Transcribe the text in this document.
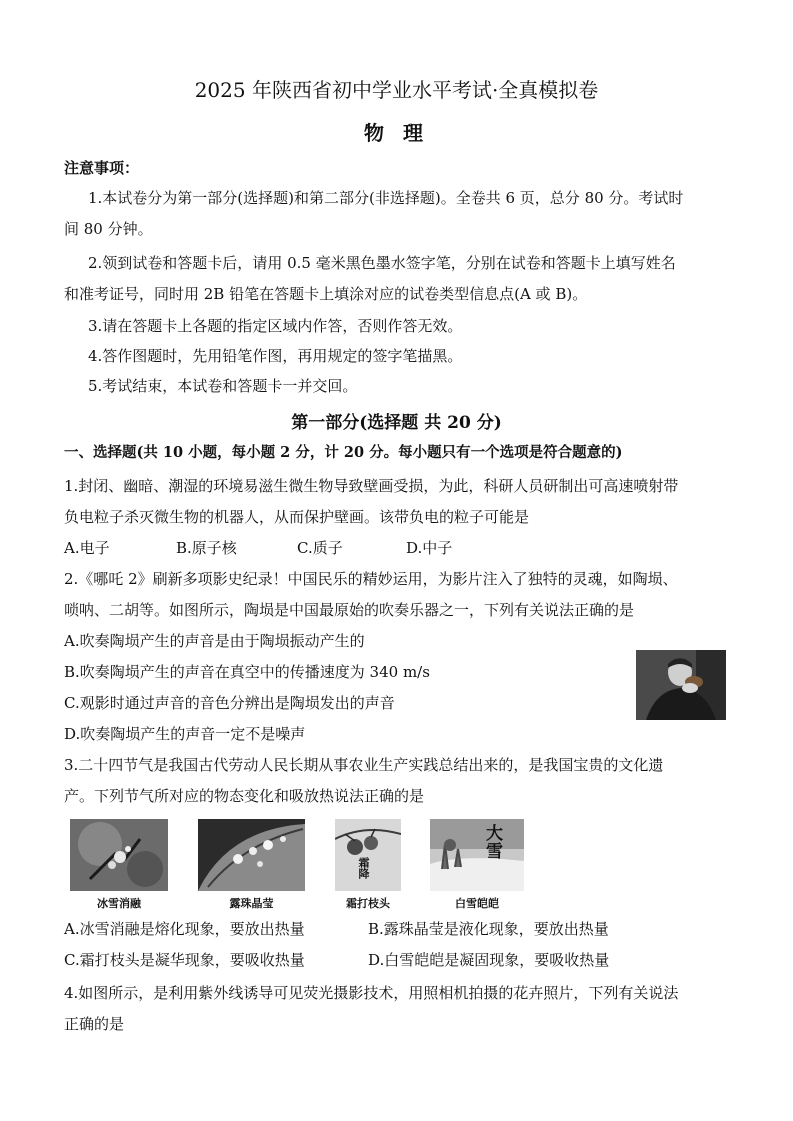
2025 年陕西省初中学业水平考试·全真模拟卷
物 理
注意事项：
1.本试卷分为第一部分(选择题)和第二部分(非选择题)。全卷共 6 页，总分 80 分。考试时
间 80 分钟。
2.领到试卷和答题卡后，请用 0.5 毫米黑色墨水签字笔，分别在试卷和答题卡上填写姓名
和准考证号，同时用 2B 铅笔在答题卡上填涂对应的试卷类型信息点(A 或 B)。
3.请在答题卡上各题的指定区域内作答，否则作答无效。
4.答作图题时，先用铅笔作图，再用规定的签字笔描黑。
5.考试结束，本试卷和答题卡一并交回。
第一部分(选择题 共 20 分)
一、选择题(共 10 小题，每小题 2 分，计 20 分。每小题只有一个选项是符合题意的)
1.封闭、幽暗、潮湿的环境易滋生微生物导致壁画受损，为此，科研人员研制出可高速喷射带
负电粒子杀灭微生物的机器人，从而保护壁画。该带负电的粒子可能是
A.电子	B.原子核	C.质子	D.中子
2.《哪吒 2》刷新多项影史纪录！中国民乐的精妙运用，为影片注入了独特的灵魂，如陶埙、
唢呐、二胡等。如图所示，陶埙是中国最原始的吹奏乐器之一，下列有关说法正确的是
A.吹奏陶埙产生的声音是由于陶埙振动产生的
B.吹奏陶埙产生的声音在真空中的传播速度为 340 m/s
C.观影时通过声音的音色分辨出是陶埙发出的声音
D.吹奏陶埙产生的声音一定不是噪声
3.二十四节气是我国古代劳动人民长期从事农业生产实践总结出来的，是我国宝贵的文化遗
产。下列节气所对应的物态变化和吸放热说法正确的是
冰雪消融	露珠晶莹
霜降
霜打枝头
大雪
白雪皑皑
A.冰雪消融是熔化现象，要放出热量	B.露珠晶莹是液化现象，要放出热量
C.霜打枝头是凝华现象，要吸收热量	D.白雪皑皑是凝固现象，要吸收热量
4.如图所示，是利用紫外线诱导可见荧光摄影技术，用照相机拍摄的花卉照片，下列有关说法
正确的是
